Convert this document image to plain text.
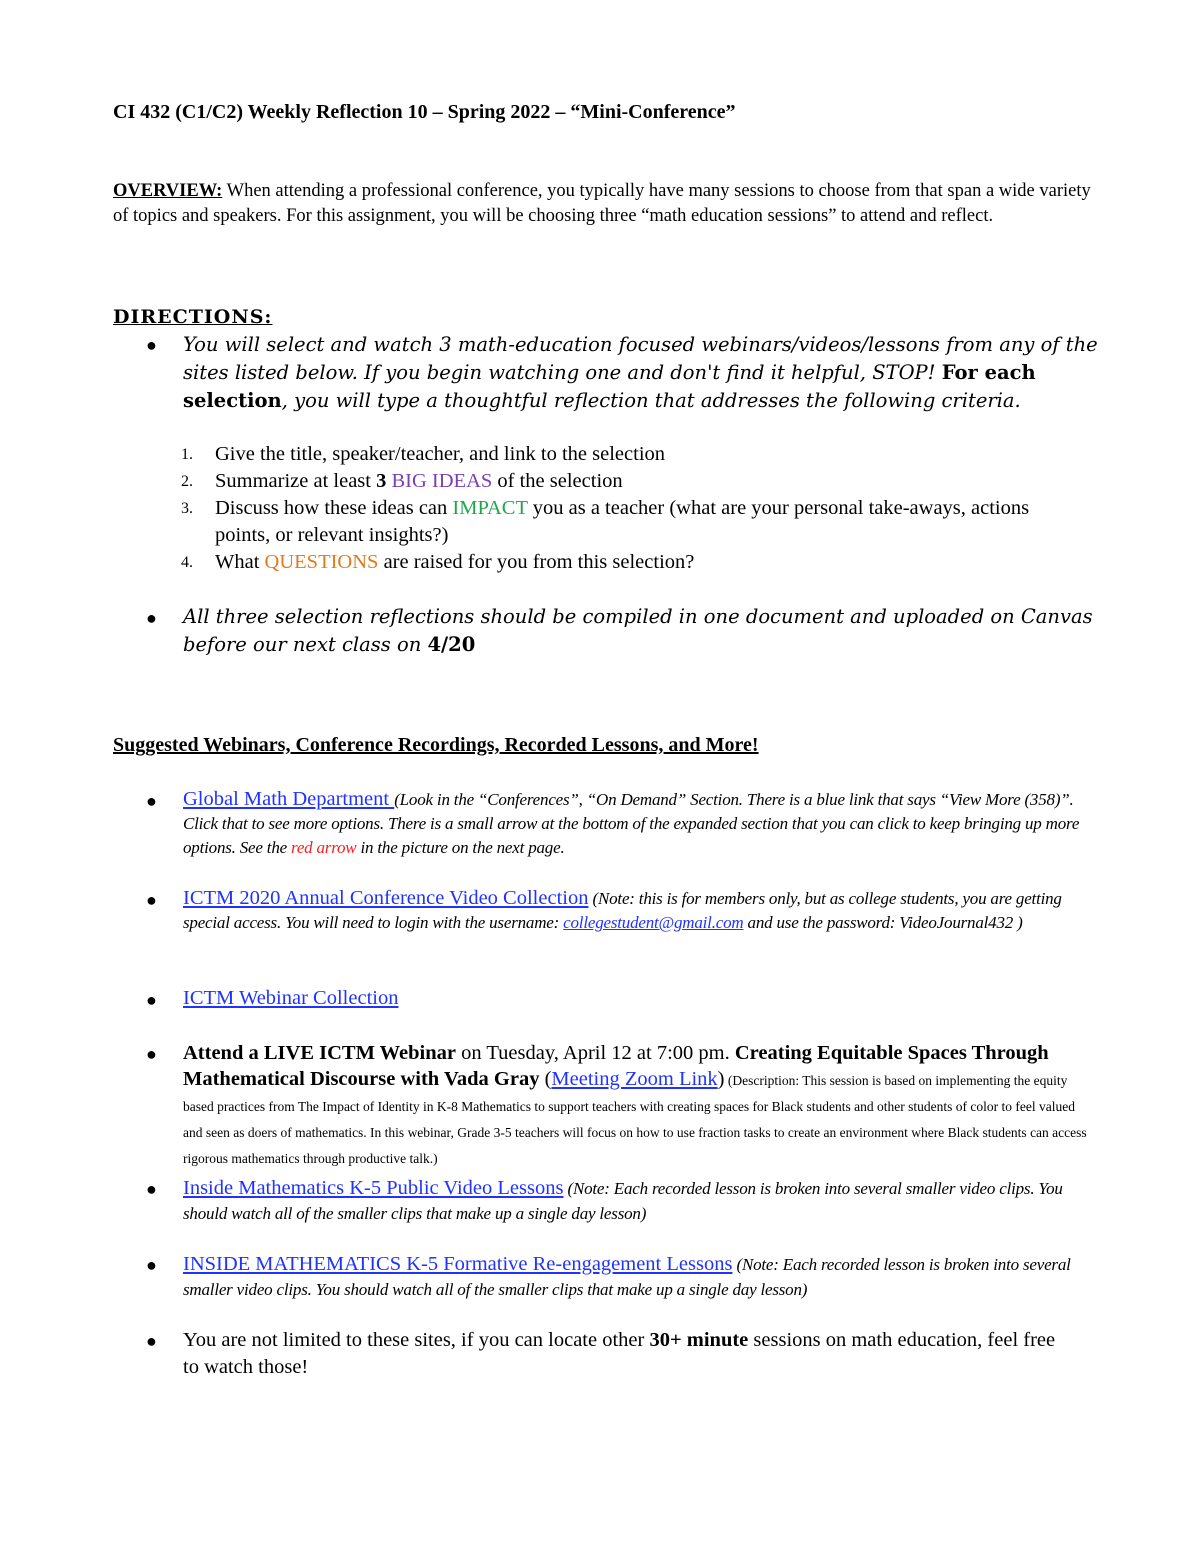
CI 432 (C1/C2) Weekly Reflection 10 – Spring 2022 – “Mini-Conference”
OVERVIEW: When attending a professional conference, you typically have many sessions to choose from that span a wide variety of topics and speakers. For this assignment, you will be choosing three “math education sessions” to attend and reflect.
DIRECTIONS:
● You will select and watch 3 math-education focused webinars/videos/lessons from any of the sites listed below. If you begin watching one and don't find it helpful, STOP! For each selection, you will type a thoughtful reflection that addresses the following criteria.
1. Give the title, speaker/teacher, and link to the selection
2. Summarize at least 3 BIG IDEAS of the selection
3. Discuss how these ideas can IMPACT you as a teacher (what are your personal take-aways, actions points, or relevant insights?)
4. What QUESTIONS are raised for you from this selection?
● All three selection reflections should be compiled in one document and uploaded on Canvas before our next class on 4/20
Suggested Webinars, Conference Recordings, Recorded Lessons, and More!
● Global Math Department (Look in the “Conferences”, “On Demand” Section. There is a blue link that says “View More (358)”. Click that to see more options. There is a small arrow at the bottom of the expanded section that you can click to keep bringing up more options. See the red arrow in the picture on the next page.
● ICTM 2020 Annual Conference Video Collection (Note: this is for members only, but as college students, you are getting special access. You will need to login with the username: collegestudent@gmail.com and use the password: VideoJournal432 )
● ICTM Webinar Collection
● Attend a LIVE ICTM Webinar on Tuesday, April 12 at 7:00 pm. Creating Equitable Spaces Through Mathematical Discourse with Vada Gray (Meeting Zoom Link) (Description: This session is based on implementing the equity based practices from The Impact of Identity in K-8 Mathematics to support teachers with creating spaces for Black students and other students of color to feel valued and seen as doers of mathematics. In this webinar, Grade 3-5 teachers will focus on how to use fraction tasks to create an environment where Black students can access rigorous mathematics through productive talk.)
● Inside Mathematics K-5 Public Video Lessons (Note: Each recorded lesson is broken into several smaller video clips. You should watch all of the smaller clips that make up a single day lesson)
● INSIDE MATHEMATICS K-5 Formative Re-engagement Lessons (Note: Each recorded lesson is broken into several smaller video clips. You should watch all of the smaller clips that make up a single day lesson)
● You are not limited to these sites, if you can locate other 30+ minute sessions on math education, feel free to watch those!
